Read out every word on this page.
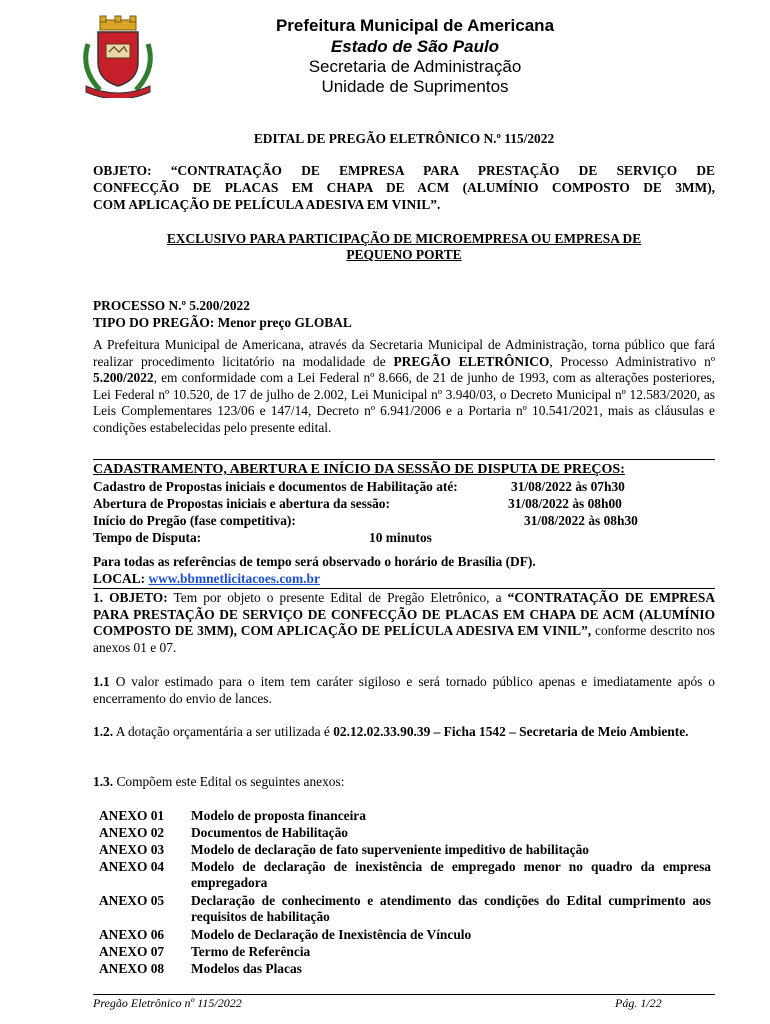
Prefeitura Municipal de Americana
Estado de São Paulo
Secretaria de Administração
Unidade de Suprimentos
EDITAL DE PREGÃO ELETRÔNICO N.º 115/2022
OBJETO: “CONTRATAÇÃO DE EMPRESA PARA PRESTAÇÃO DE SERVIÇO DE
CONFECÇÃO DE PLACAS EM CHAPA DE ACM (ALUMÍNIO COMPOSTO DE 3MM),
COM APLICAÇÃO DE PELÍCULA ADESIVA EM VINIL”.
EXCLUSIVO PARA PARTICIPAÇÃO DE MICROEMPRESA OU EMPRESA DE
PEQUENO PORTE
PROCESSO N.º 5.200/2022
TIPO DO PREGÃO: Menor preço GLOBAL
A Prefeitura Municipal de Americana, através da Secretaria Municipal de Administração, torna público que fará realizar procedimento licitatório na modalidade de PREGÃO ELETRÔNICO, Processo Administrativo nº 5.200/2022, em conformidade com a Lei Federal nº 8.666, de 21 de junho de 1993, com as alterações posteriores, Lei Federal nº 10.520, de 17 de julho de 2.002, Lei Municipal nº 3.940/03, o Decreto Municipal nº 12.583/2020, as Leis Complementares 123/06 e 147/14, Decreto nº 6.941/2006 e a Portaria nº 10.541/2021, mais as cláusulas e condições estabelecidas pelo presente edital.
CADASTRAMENTO, ABERTURA E INÍCIO DA SESSÃO DE DISPUTA DE PREÇOS:
Cadastro de Propostas iniciais e documentos de Habilitação até:	31/08/2022 às 07h30
Abertura de Propostas iniciais e abertura da sessão:	31/08/2022 às 08h00
Início do Pregão (fase competitiva):	31/08/2022 às 08h30
Tempo de Disputa:	10 minutos
Para todas as referências de tempo será observado o horário de Brasília (DF).
LOCAL: www.bbmnetlicitacoes.com.br
1. OBJETO: Tem por objeto o presente Edital de Pregão Eletrônico, a “CONTRATAÇÃO DE EMPRESA PARA PRESTAÇÃO DE SERVIÇO DE CONFECÇÃO DE PLACAS EM CHAPA DE ACM (ALUMÍNIO COMPOSTO DE 3MM), COM APLICAÇÃO DE PELÍCULA ADESIVA EM VINIL”, conforme descrito nos anexos 01 e 07.
1.1 O valor estimado para o item tem caráter sigiloso e será tornado público apenas e imediatamente após o encerramento do envio de lances.
1.2. A dotação orçamentária a ser utilizada é 02.12.02.33.90.39 – Ficha 1542 – Secretaria de Meio Ambiente.
1.3. Compõem este Edital os seguintes anexos:
ANEXO 01 Modelo de proposta financeira
ANEXO 02 Documentos de Habilitação
ANEXO 03 Modelo de declaração de fato superveniente impeditivo de habilitação
ANEXO 04 Modelo de declaração de inexistência de empregado menor no quadro da empresa empregadora
ANEXO 05 Declaração de conhecimento e atendimento das condições do Edital cumprimento aos requisitos de habilitação
ANEXO 06 Modelo de Declaração de Inexistência de Vínculo
ANEXO 07 Termo de Referência
ANEXO 08 Modelos das Placas
Pregão Eletrônico nº 115/2022	Pág. 1/22
